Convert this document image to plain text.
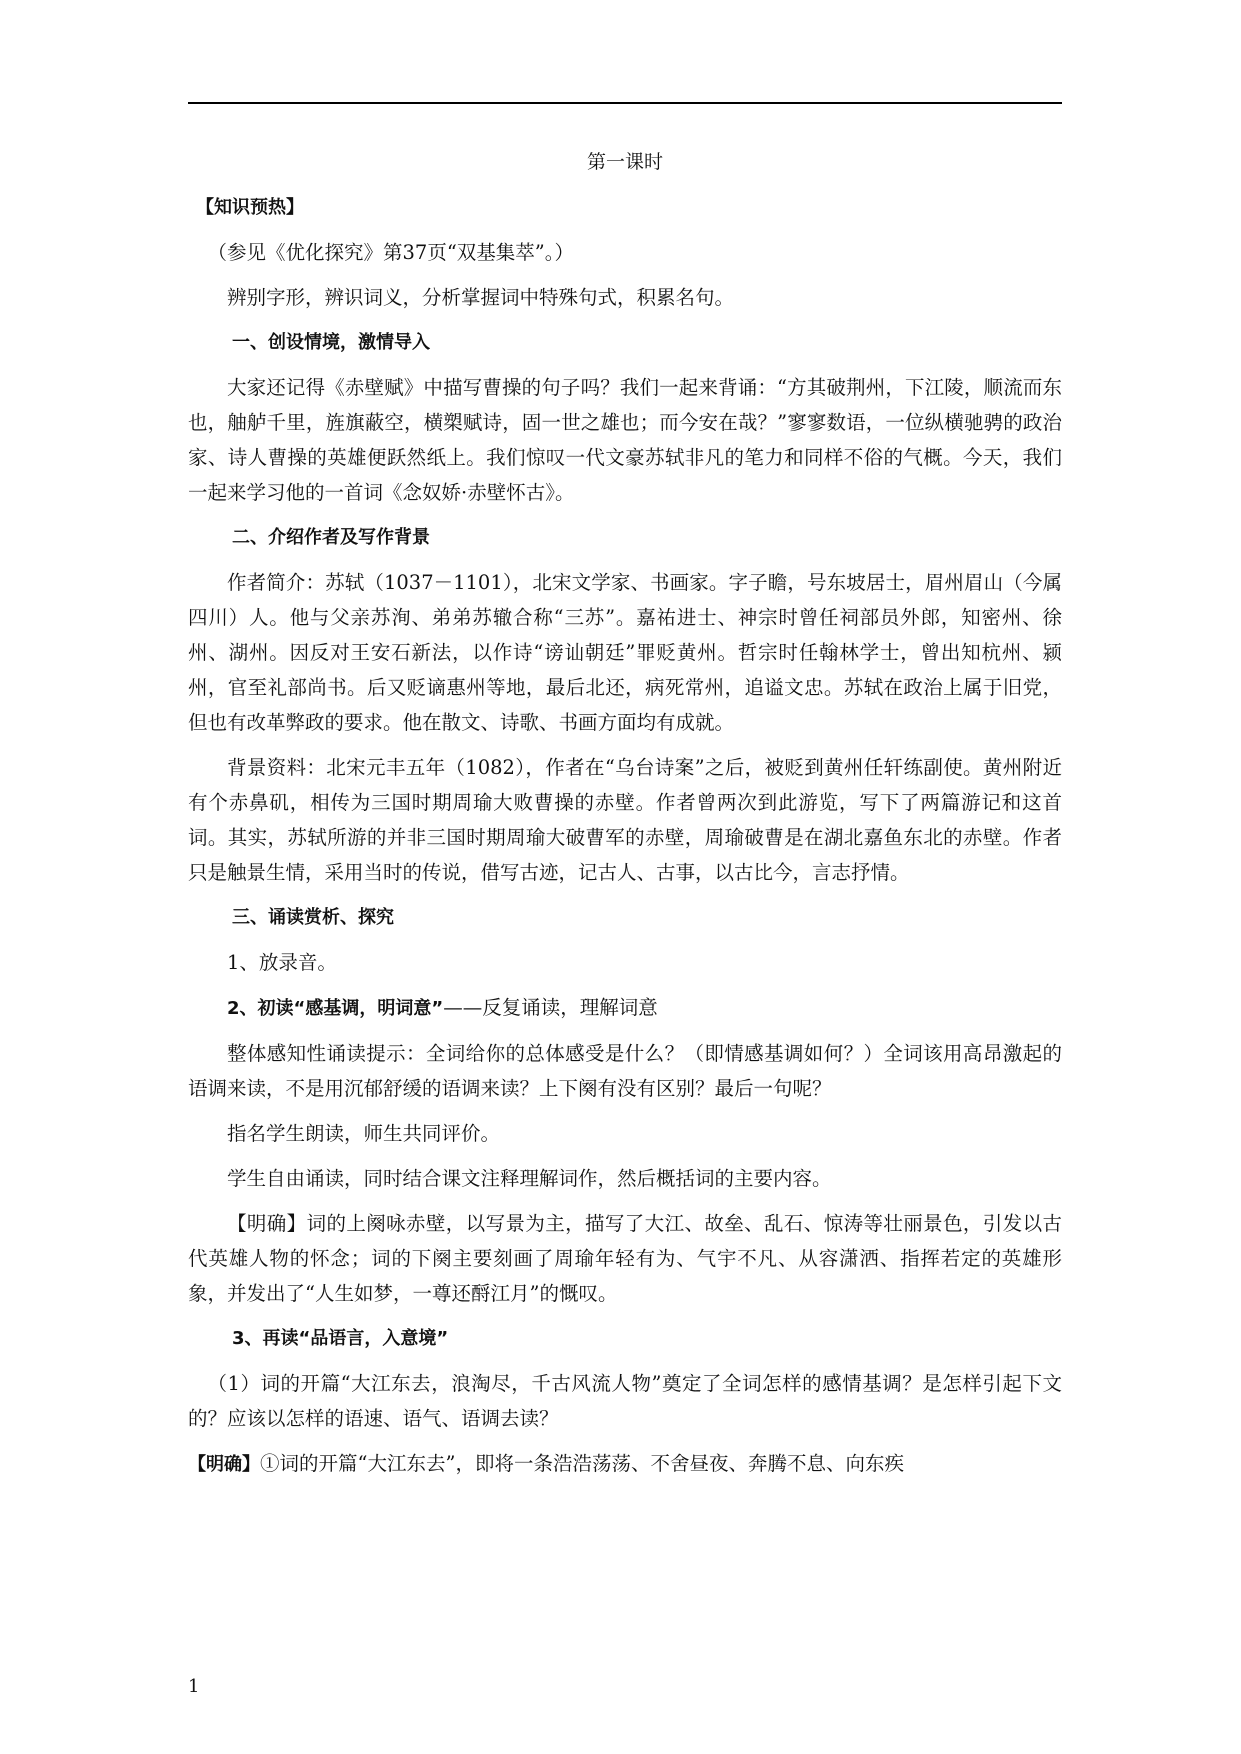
第一课时
【知识预热】

（参见《优化探究》第37页“双基集萃”。）

辨别字形，辨识词义，分析掌握词中特殊句式，积累名句。

一、创设情境，激情导入

大家还记得《赤壁赋》中描写曹操的句子吗？我们一起来背诵：“方其破荆州，下江陵，顺流而东也，舳舻千里，旌旗蔽空，横槊赋诗，固一世之雄也；而今安在哉？”寥寥数语，一位纵横驰骋的政治家、诗人曹操的英雄便跃然纸上。我们惊叹一代文豪苏轼非凡的笔力和同样不俗的气概。今天，我们一起来学习他的一首词《念奴娇·赤壁怀古》。

二、介绍作者及写作背景

作者简介：苏轼（1037－1101），北宋文学家、书画家。字子瞻，号东坡居士，眉州眉山（今属四川）人。他与父亲苏洵、弟弟苏辙合称“三苏”。嘉祐进士、神宗时曾任祠部员外郎，知密州、徐州、湖州。因反对王安石新法，以作诗“谤讪朝廷”罪贬黄州。哲宗时任翰林学士，曾出知杭州、颍州，官至礼部尚书。后又贬谪惠州等地，最后北还，病死常州，追谥文忠。苏轼在政治上属于旧党，但也有改革弊政的要求。他在散文、诗歌、书画方面均有成就。

背景资料：北宋元丰五年（1082），作者在“乌台诗案”之后，被贬到黄州任轩练副使。黄州附近有个赤鼻矶，相传为三国时期周瑜大败曹操的赤壁。作者曾两次到此游览，写下了两篇游记和这首词。其实，苏轼所游的并非三国时期周瑜大破曹军的赤壁，周瑜破曹是在湖北嘉鱼东北的赤壁。作者只是触景生情，采用当时的传说，借写古迹，记古人、古事，以古比今，言志抒情。

三、诵读赏析、探究

1、放录音。

2、初读“感基调，明词意”——反复诵读，理解词意

整体感知性诵读提示：全词给你的总体感受是什么？（即情感基调如何？）全词该用高昂激起的语调来读，不是用沉郁舒缓的语调来读？上下阕有没有区别？最后一句呢？

指名学生朗读，师生共同评价。

学生自由诵读，同时结合课文注释理解词作，然后概括词的主要内容。

【明确】词的上阕咏赤壁，以写景为主，描写了大江、故垒、乱石、惊涛等壮丽景色，引发以古代英雄人物的怀念；词的下阕主要刻画了周瑜年轻有为、气宇不凡、从容潇洒、指挥若定的英雄形象，并发出了“人生如梦，一尊还酹江月”的慨叹。

3、再读“品语言，入意境”

（1）词的开篇“大江东去，浪淘尽，千古风流人物”奠定了全词怎样的感情基调？是怎样引起下文的？应该以怎样的语速、语气、语调去读？

【明确】①词的开篇“大江东去”，即将一条浩浩荡荡、不舍昼夜、奔腾不息、向东疾

1
